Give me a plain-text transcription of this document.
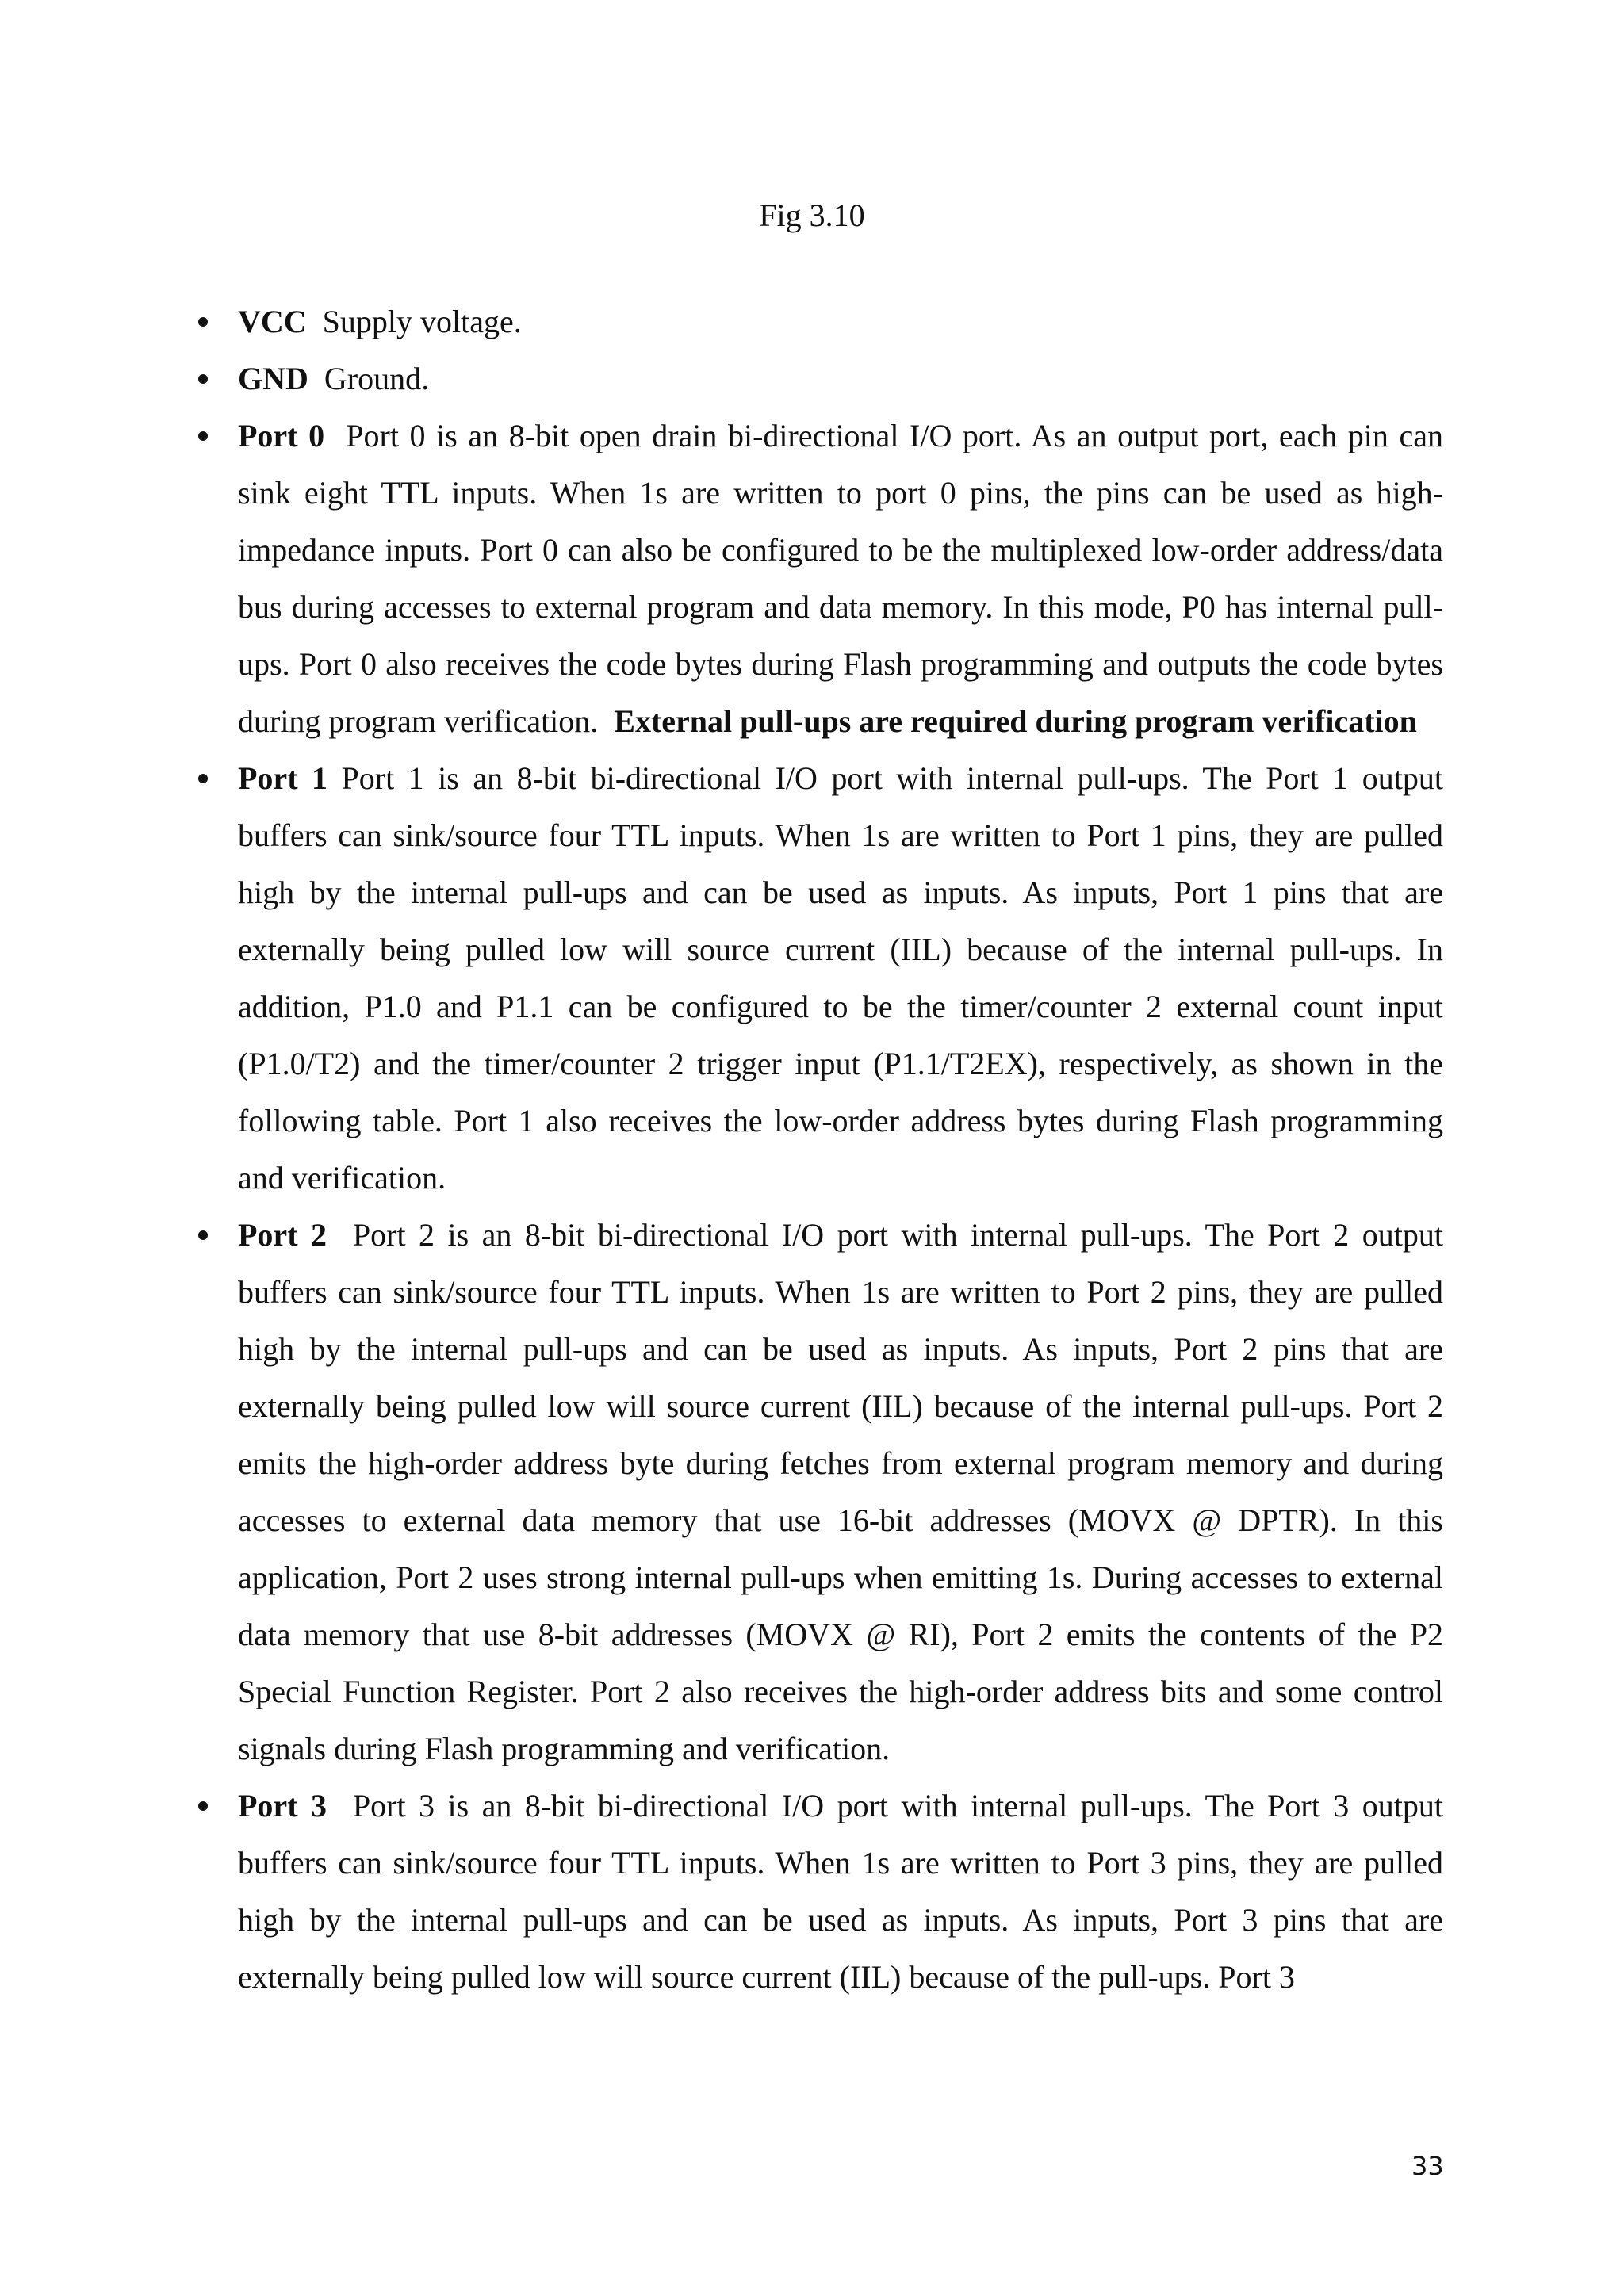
Fig 3.10
VCC Supply voltage.
GND Ground.
Port 0 Port 0 is an 8-bit open drain bi-directional I/O port. As an output port, each pin can sink eight TTL inputs. When 1s are written to port 0 pins, the pins can be used as high-impedance inputs. Port 0 can also be configured to be the multiplexed low-order address/data bus during accesses to external program and data memory. In this mode, P0 has internal pull-ups. Port 0 also receives the code bytes during Flash programming and outputs the code bytes during program verification. External pull-ups are required during program verification
Port 1 Port 1 is an 8-bit bi-directional I/O port with internal pull-ups. The Port 1 output buffers can sink/source four TTL inputs. When 1s are written to Port 1 pins, they are pulled high by the internal pull-ups and can be used as inputs. As inputs, Port 1 pins that are externally being pulled low will source current (IIL) because of the internal pull-ups. In addition, P1.0 and P1.1 can be configured to be the timer/counter 2 external count input (P1.0/T2) and the timer/counter 2 trigger input (P1.1/T2EX), respectively, as shown in the following table. Port 1 also receives the low-order address bytes during Flash programming and verification.
Port 2 Port 2 is an 8-bit bi-directional I/O port with internal pull-ups. The Port 2 output buffers can sink/source four TTL inputs. When 1s are written to Port 2 pins, they are pulled high by the internal pull-ups and can be used as inputs. As inputs, Port 2 pins that are externally being pulled low will source current (IIL) because of the internal pull-ups. Port 2 emits the high-order address byte during fetches from external program memory and during accesses to external data memory that use 16-bit addresses (MOVX @ DPTR). In this application, Port 2 uses strong internal pull-ups when emitting 1s. During accesses to external data memory that use 8-bit addresses (MOVX @ RI), Port 2 emits the contents of the P2 Special Function Register. Port 2 also receives the high-order address bits and some control signals during Flash programming and verification.
Port 3 Port 3 is an 8-bit bi-directional I/O port with internal pull-ups. The Port 3 output buffers can sink/source four TTL inputs. When 1s are written to Port 3 pins, they are pulled high by the internal pull-ups and can be used as inputs. As inputs, Port 3 pins that are externally being pulled low will source current (IIL) because of the pull-ups. Port 3
33
